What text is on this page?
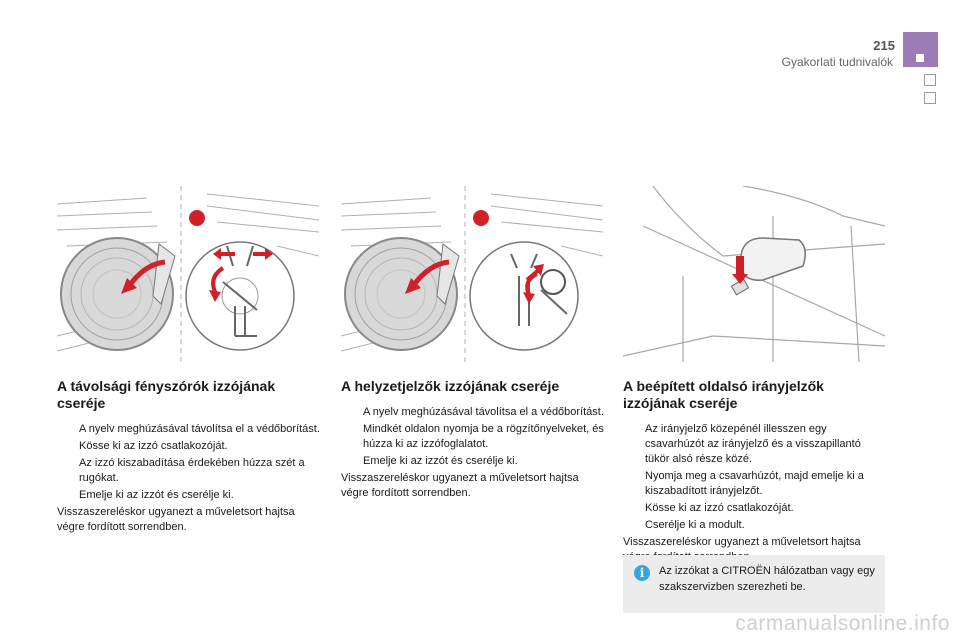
215
Gyakorlati tudnivalók
A távolsági fényszórók izzójának cseréje
A nyelv meghúzásával távolítsa el a védőborítást.
Kösse ki az izzó csatlakozóját.
Az izzó kiszabadítása érdekében húzza szét a rugókat.
Emelje ki az izzót és cserélje ki.

Visszaszereléskor ugyanezt a műveletsort hajtsa végre fordított sorrendben.

A helyzetjelzők izzójának cseréje
A nyelv meghúzásával távolítsa el a védőborítást.
Mindkét oldalon nyomja be a rögzítőnyelveket, és húzza ki az izzófoglalatot.
Emelje ki az izzót és cserélje ki.

Visszaszereléskor ugyanezt a műveletsort hajtsa végre fordított sorrendben.

A beépített oldalsó irányjelzők izzójának cseréje
Az irányjelző közepénél illesszen egy csavarhúzót az irányjelző és a visszapillantó tükör alsó része közé.
Nyomja meg a csavarhúzót, majd emelje ki a kiszabadított irányjelzőt.
Kösse ki az izzó csatlakozóját.
Cserélje ki a modult.

Visszaszereléskor ugyanezt a műveletsort hajtsa

i	Az izzókat a CITROËN hálózatban vagy egy szakszervizben szerezheti be.
carmanualsonline.info
